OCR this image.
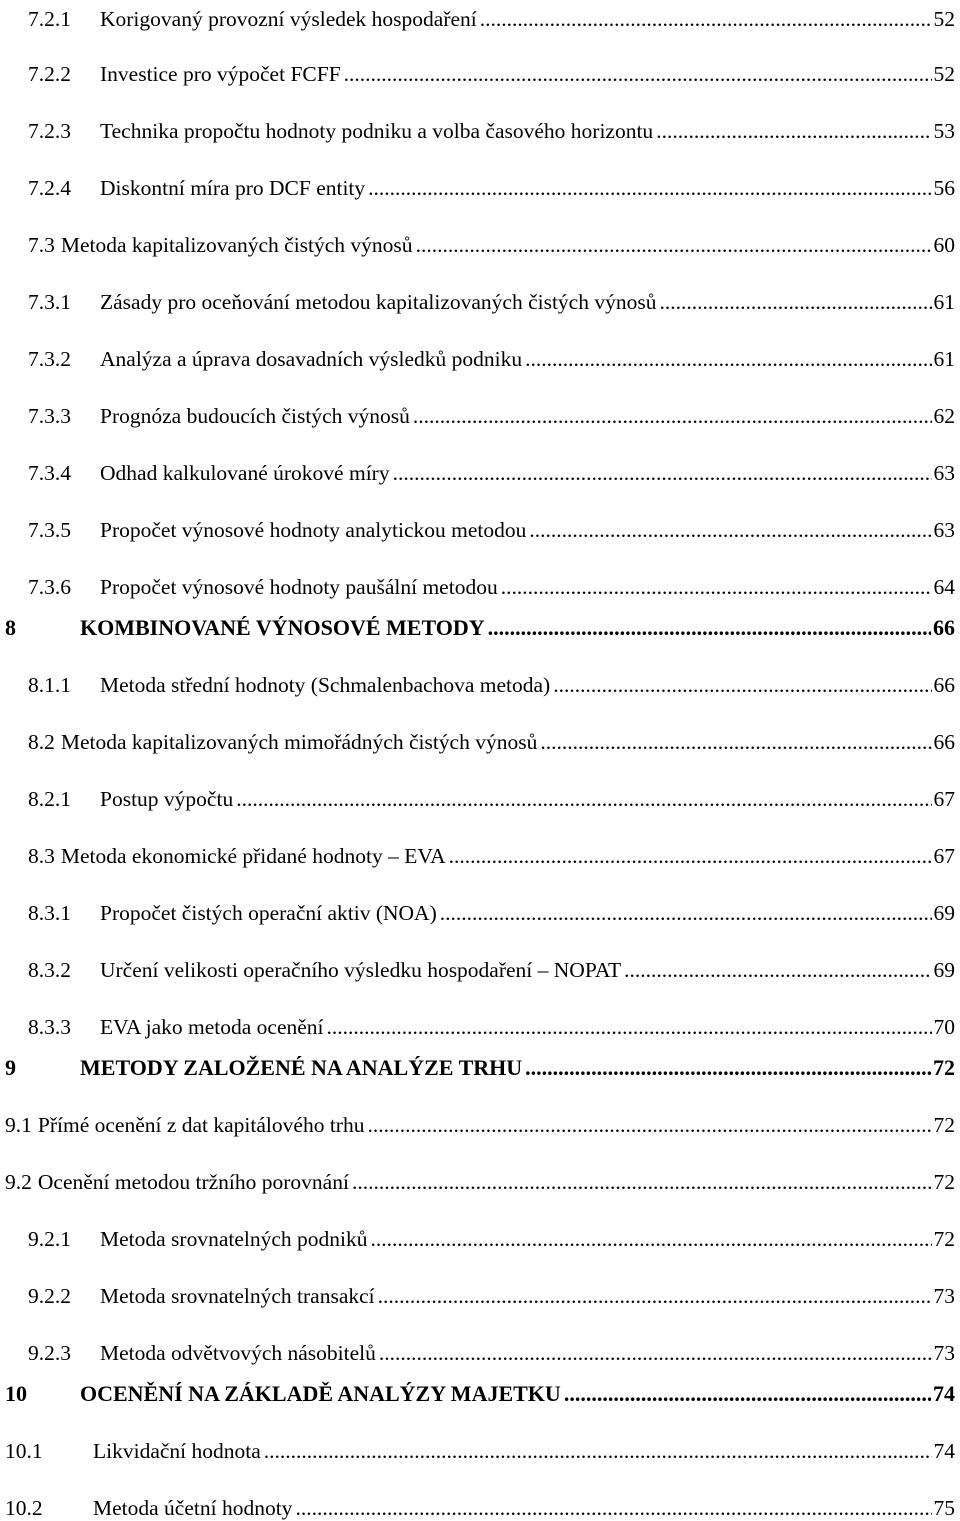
7.2.1	Korigovaný provozní výsledek hospodaření .....	52
7.2.2	Investice pro výpočet FCFF .....	52
7.2.3	Technika propočtu hodnoty podniku a volba časového horizontu .....	53
7.2.4	Diskontní míra pro DCF entity .....	56
7.3 Metoda kapitalizovaných čistých výnosů .....	60
7.3.1	Zásady pro oceňování metodou kapitalizovaných čistých výnosů .....	61
7.3.2	Analýza a úprava dosavadních výsledků podniku .....	61
7.3.3	Prognóza budoucích čistých výnosů .....	62
7.3.4	Odhad kalkulované úrokové míry .....	63
7.3.5	Propočet výnosové hodnoty analytickou metodou .....	63
7.3.6	Propočet výnosové hodnoty paušální metodou .....	64
8	KOMBINOVANÉ VÝNOSOVÉ METODY .....	66
8.1.1	Metoda střední hodnoty (Schmalenbachova metoda) .....	66
8.2 Metoda kapitalizovaných mimořádných čistých výnosů .....	66
8.2.1	Postup výpočtu .....	67
8.3 Metoda ekonomické přidané hodnoty – EVA .....	67
8.3.1	Propočet čistých operační aktiv (NOA) .....	69
8.3.2	Určení velikosti operačního výsledku hospodaření – NOPAT .....	69
8.3.3	EVA jako metoda ocenění .....	70
9	METODY ZALOŽENÉ NA ANALÝZE TRHU .....	72
9.1 Přímé ocenění z dat kapitálového trhu .....	72
9.2 Ocenění metodou tržního porovnání .....	72
9.2.1	Metoda srovnatelných podniků .....	72
9.2.2	Metoda srovnatelných transakcí .....	73
9.2.3	Metoda odvětvových násobitelů .....	73
10	OCENĚNÍ NA ZÁKLADĚ ANALÝZY MAJETKU .....	74
10.1	Likvidační hodnota .....	74
10.2	Metoda účetní hodnoty .....	75
